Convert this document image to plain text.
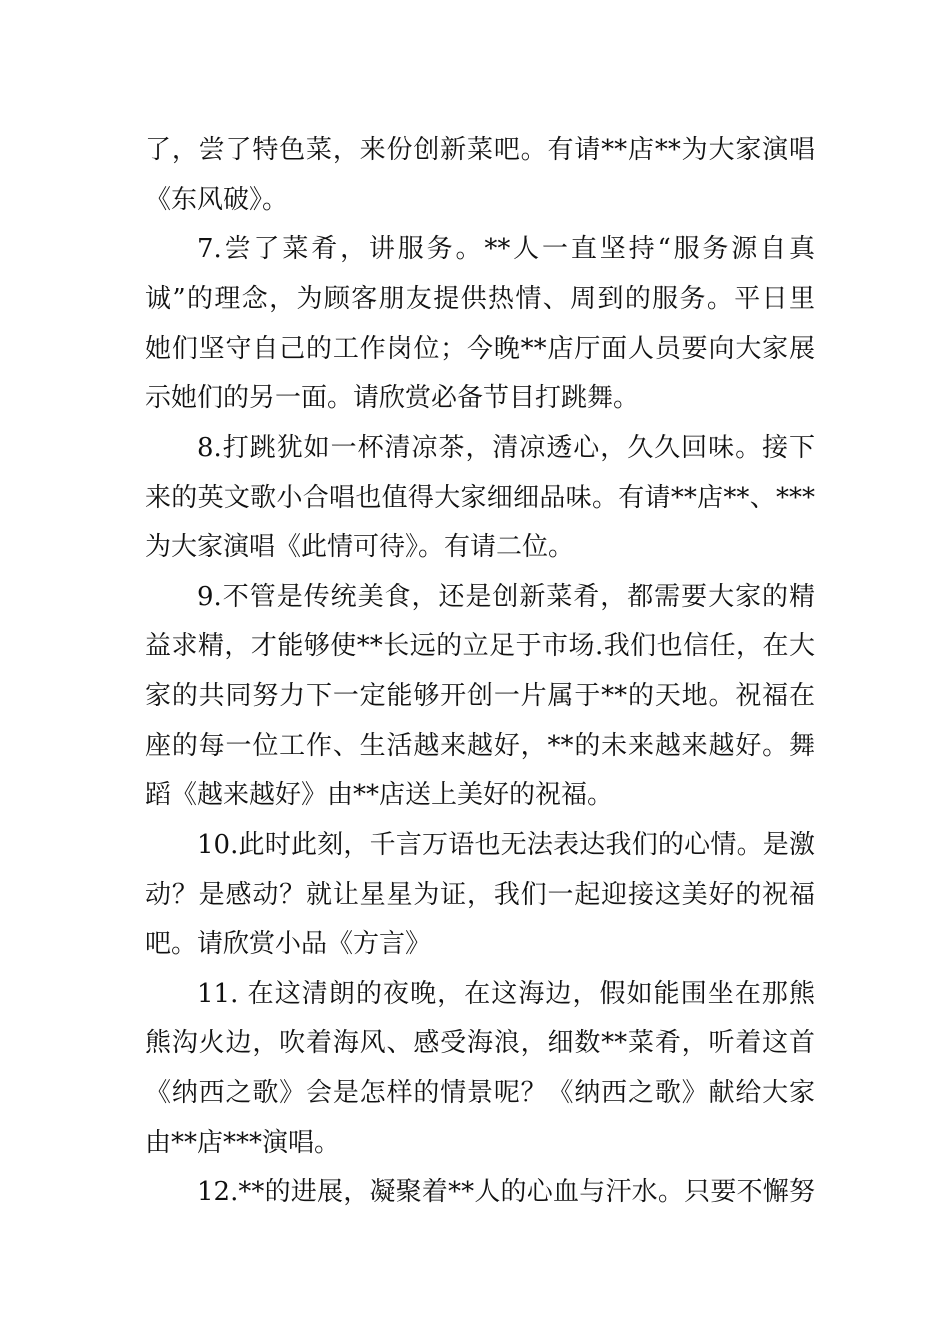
了，尝了特色菜，来份创新菜吧。有请**店**为大家演唱
《东风破》。
7.尝了菜肴，讲服务。**人一直坚持“服务源自真
诚”的理念，为顾客朋友提供热情、周到的服务。平日里
她们坚守自己的工作岗位；今晚**店厅面人员要向大家展
示她们的另一面。请欣赏必备节目打跳舞。
8.打跳犹如一杯清凉茶，清凉透心，久久回味。接下
来的英文歌小合唱也值得大家细细品味。有请**店**、***
为大家演唱《此情可待》。有请二位。
9.不管是传统美食，还是创新菜肴，都需要大家的精
益求精，才能够使**长远的立足于市场.我们也信任，在大
家的共同努力下一定能够开创一片属于**的天地。祝福在
座的每一位工作、生活越来越好，**的未来越来越好。舞
蹈《越来越好》由**店送上美好的祝福。
10.此时此刻，千言万语也无法表达我们的心情。是激
动？是感动？就让星星为证，我们一起迎接这美好的祝福
吧。请欣赏小品《方言》
11. 在这清朗的夜晚，在这海边，假如能围坐在那熊
熊沟火边，吹着海风、感受海浪，细数**菜肴，听着这首
《纳西之歌》会是怎样的情景呢？《纳西之歌》献给大家
由**店***演唱。
12.**的进展，凝聚着**人的心血与汗水。只要不懈努
